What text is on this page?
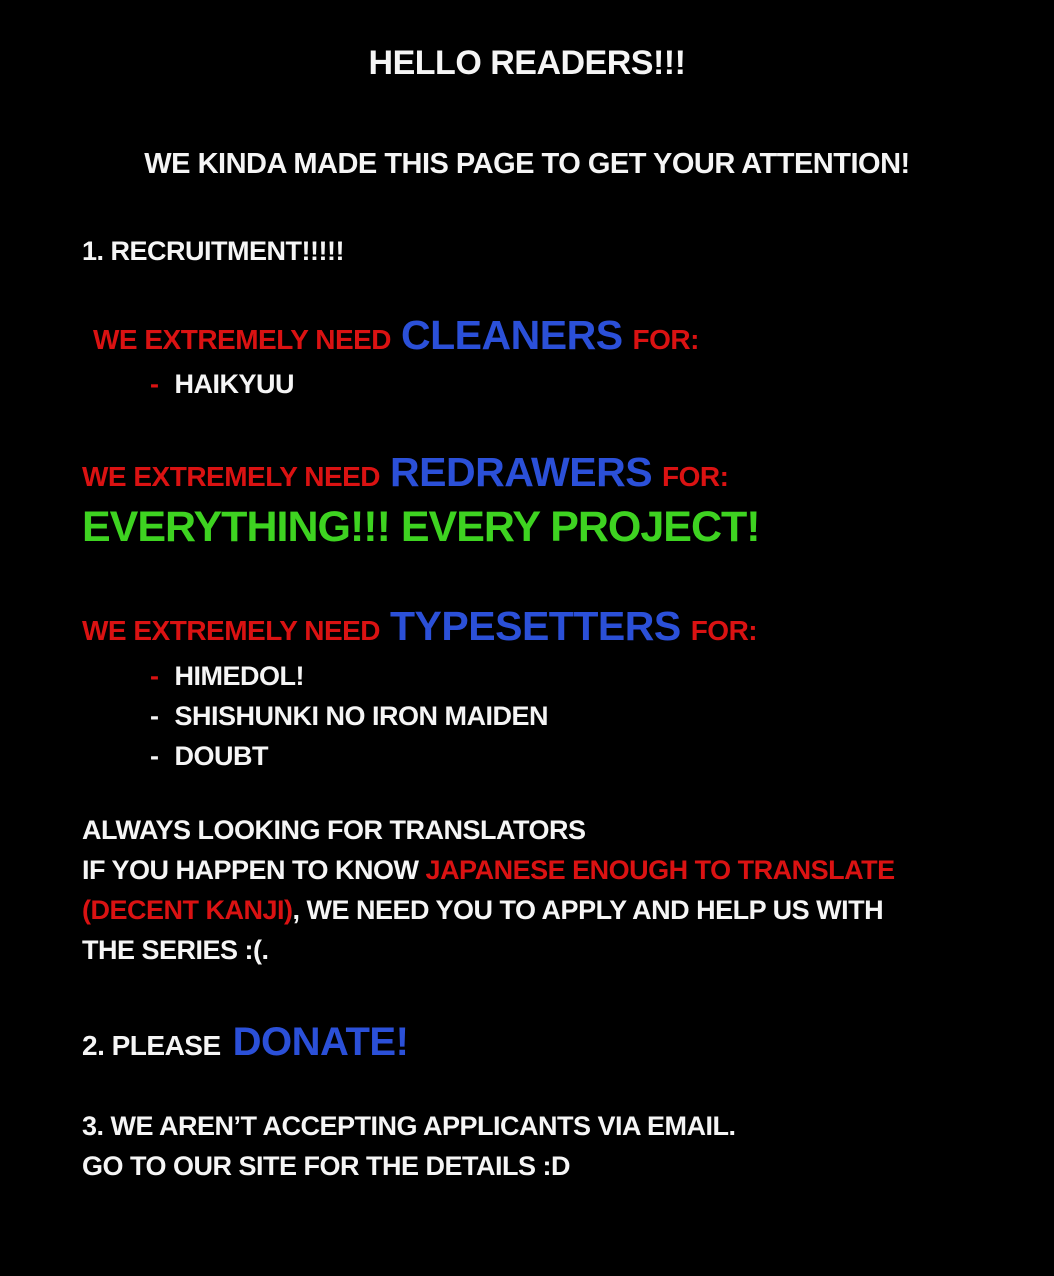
HELLO READERS!!!
WE KINDA MADE THIS PAGE TO GET YOUR ATTENTION!
1. RECRUITMENT!!!!!
WE EXTREMELY NEED CLEANERS FOR:
- HAIKYUU
WE EXTREMELY NEED REDRAWERS FOR:
EVERYTHING!!! EVERY PROJECT!
WE EXTREMELY NEED TYPESETTERS FOR:
- HIMEDOL!
- SHISHUNKI NO IRON MAIDEN
- DOUBT
ALWAYS LOOKING FOR TRANSLATORS
IF YOU HAPPEN TO KNOW JAPANESE ENOUGH TO TRANSLATE
(DECENT KANJI), WE NEED YOU TO APPLY AND HELP US WITH
THE SERIES :(.
2. PLEASE DONATE!
3. WE AREN’T ACCEPTING APPLICANTS VIA EMAIL.
GO TO OUR SITE FOR THE DETAILS :D
